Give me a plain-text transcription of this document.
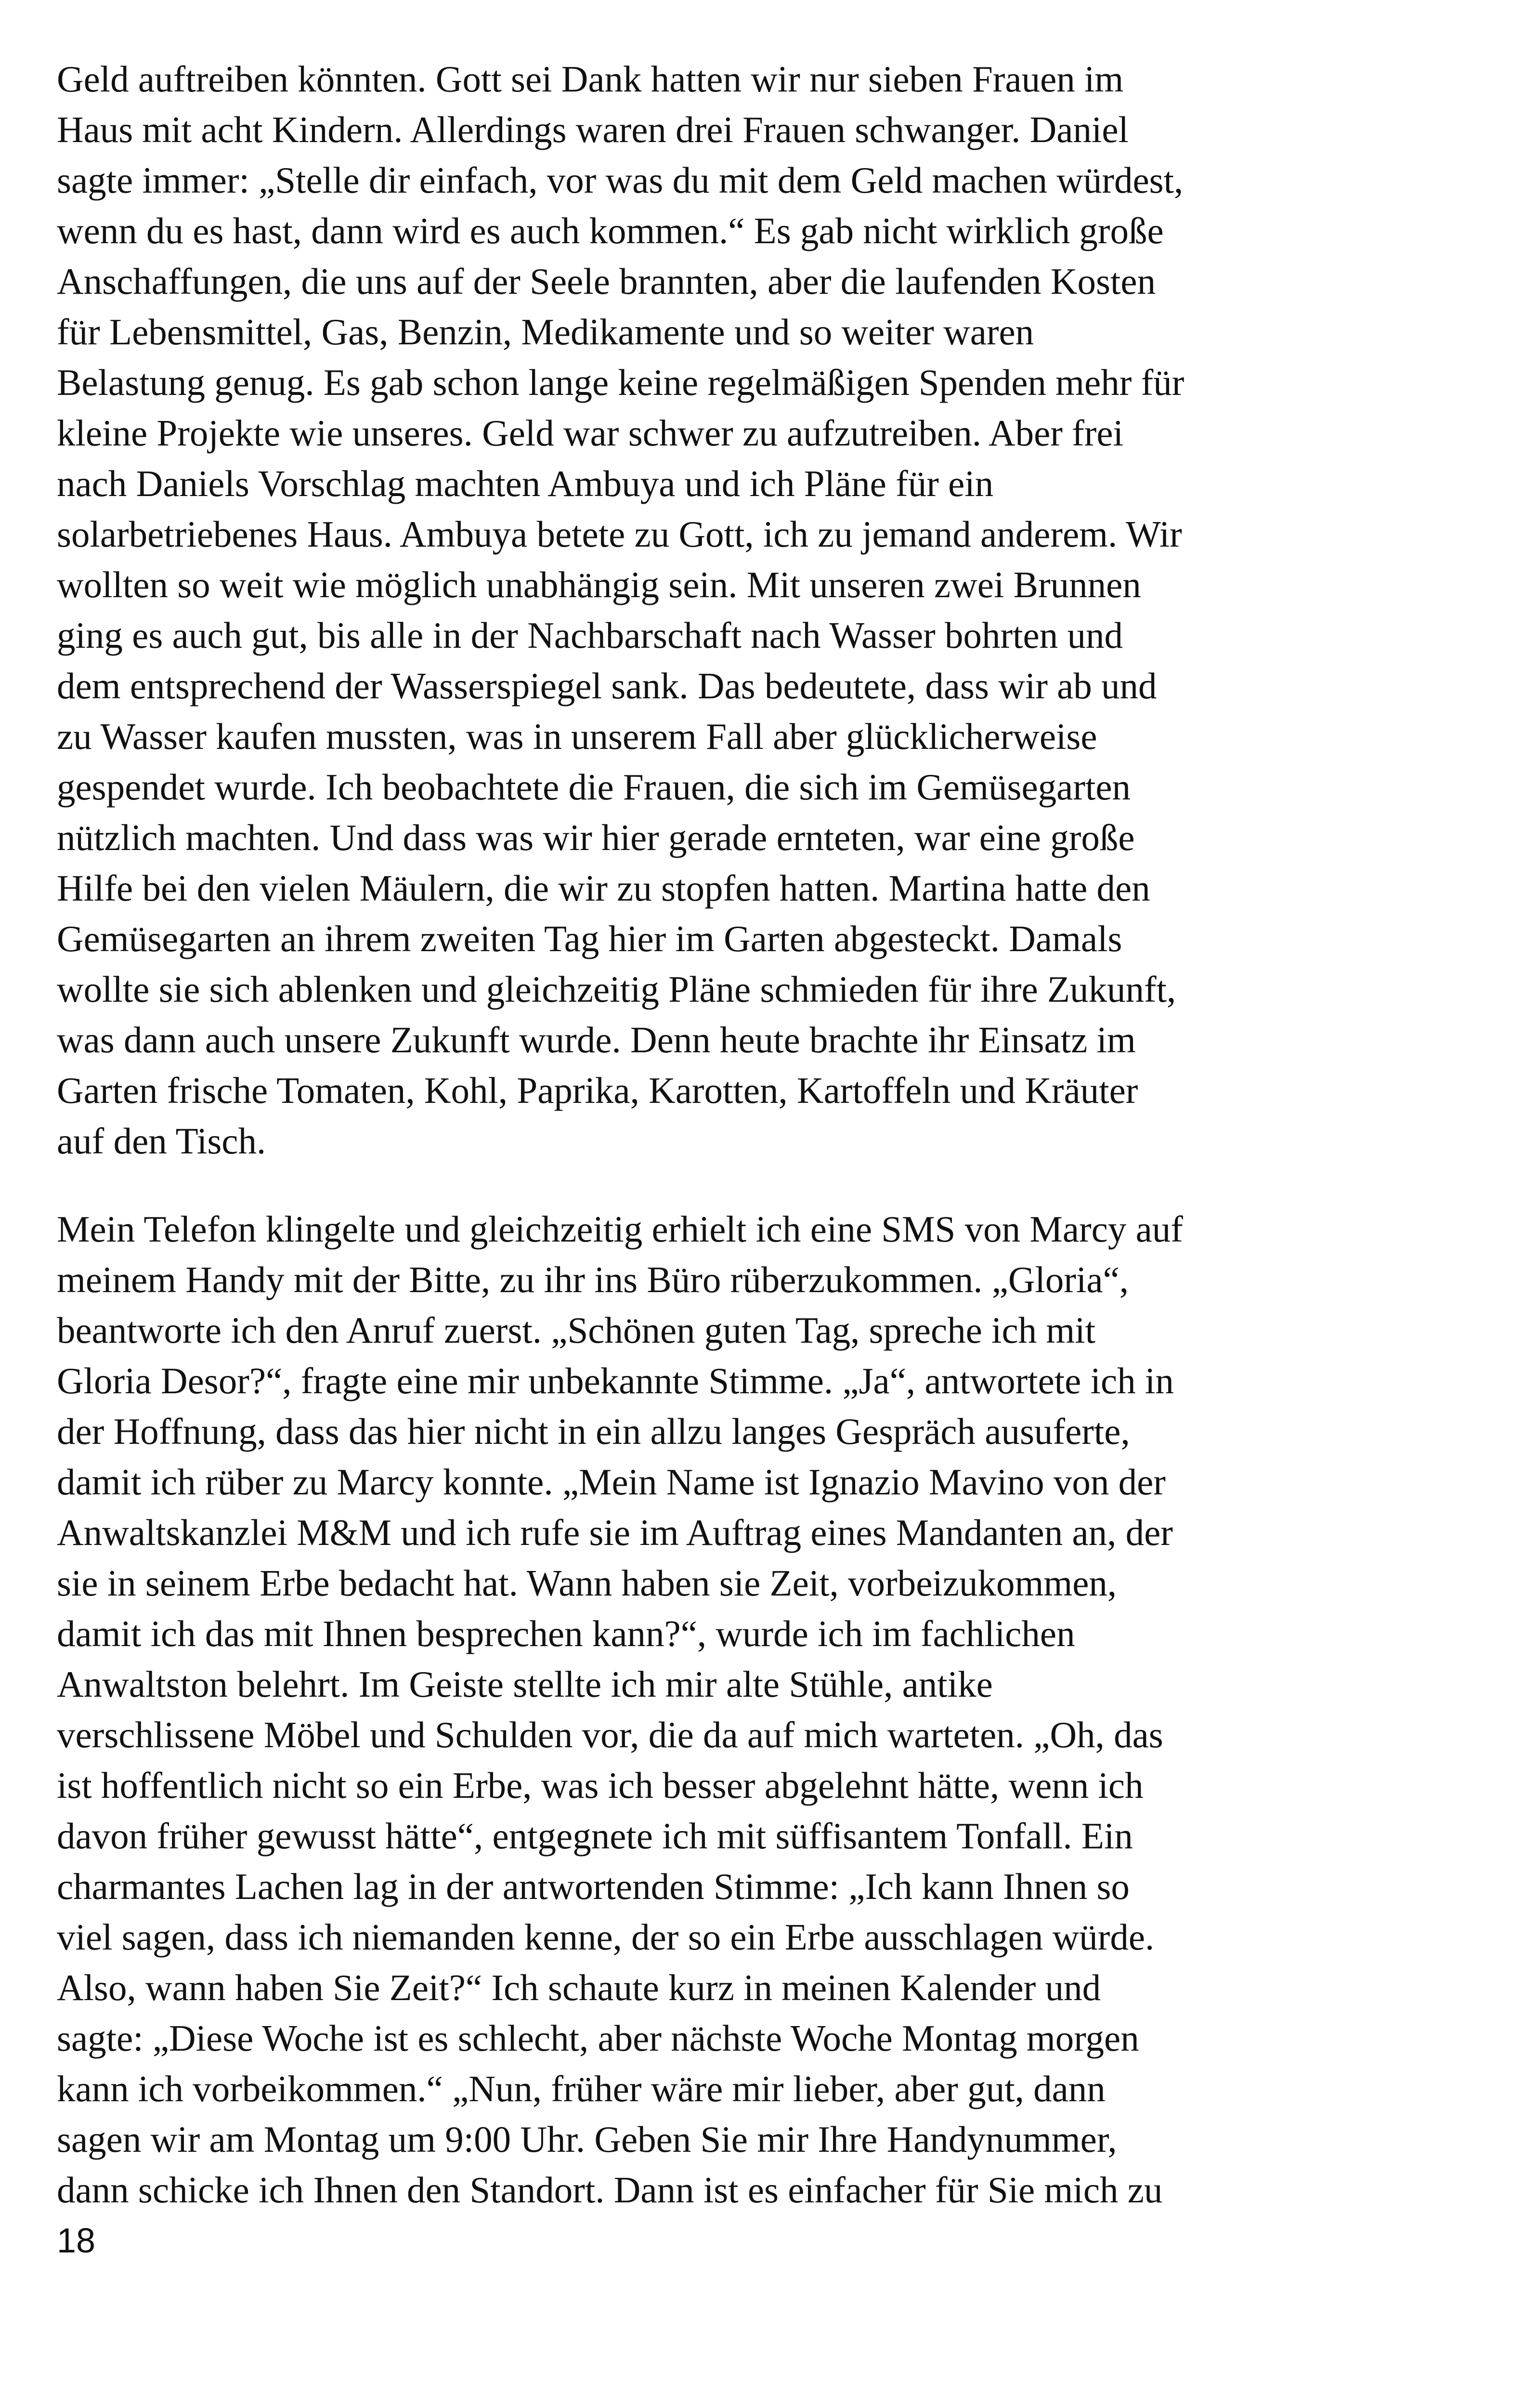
Geld auftreiben könnten. Gott sei Dank hatten wir nur sieben Frauen im
Haus mit acht Kindern. Allerdings waren drei Frauen schwanger. Daniel
sagte immer: „Stelle dir einfach, vor was du mit dem Geld machen würdest,
wenn du es hast, dann wird es auch kommen.“ Es gab nicht wirklich große
Anschaffungen, die uns auf der Seele brannten, aber die laufenden Kosten
für Lebensmittel, Gas, Benzin, Medikamente und so weiter waren
Belastung genug. Es gab schon lange keine regelmäßigen Spenden mehr für
kleine Projekte wie unseres. Geld war schwer zu aufzutreiben. Aber frei
nach Daniels Vorschlag machten Ambuya und ich Pläne für ein
solarbetriebenes Haus. Ambuya betete zu Gott, ich zu jemand anderem. Wir
wollten so weit wie möglich unabhängig sein. Mit unseren zwei Brunnen
ging es auch gut, bis alle in der Nachbarschaft nach Wasser bohrten und
dem entsprechend der Wasserspiegel sank. Das bedeutete, dass wir ab und
zu Wasser kaufen mussten, was in unserem Fall aber glücklicherweise
gespendet wurde. Ich beobachtete die Frauen, die sich im Gemüsegarten
nützlich machten. Und dass was wir hier gerade ernteten, war eine große
Hilfe bei den vielen Mäulern, die wir zu stopfen hatten. Martina hatte den
Gemüsegarten an ihrem zweiten Tag hier im Garten abgesteckt. Damals
wollte sie sich ablenken und gleichzeitig Pläne schmieden für ihre Zukunft,
was dann auch unsere Zukunft wurde. Denn heute brachte ihr Einsatz im
Garten frische Tomaten, Kohl, Paprika, Karotten, Kartoffeln und Kräuter
auf den Tisch.
Mein Telefon klingelte und gleichzeitig erhielt ich eine SMS von Marcy auf
meinem Handy mit der Bitte, zu ihr ins Büro rüberzukommen. „Gloria“,
beantworte ich den Anruf zuerst. „Schönen guten Tag, spreche ich mit
Gloria Desor?“, fragte eine mir unbekannte Stimme. „Ja“, antwortete ich in
der Hoffnung, dass das hier nicht in ein allzu langes Gespräch ausuferte,
damit ich rüber zu Marcy konnte. „Mein Name ist Ignazio Mavino von der
Anwaltskanzlei M&M und ich rufe sie im Auftrag eines Mandanten an, der
sie in seinem Erbe bedacht hat. Wann haben sie Zeit, vorbeizukommen,
damit ich das mit Ihnen besprechen kann?“, wurde ich im fachlichen
Anwaltston belehrt. Im Geiste stellte ich mir alte Stühle, antike
verschlissene Möbel und Schulden vor, die da auf mich warteten. „Oh, das
ist hoffentlich nicht so ein Erbe, was ich besser abgelehnt hätte, wenn ich
davon früher gewusst hätte“, entgegnete ich mit süffisantem Tonfall. Ein
charmantes Lachen lag in der antwortenden Stimme: „Ich kann Ihnen so
viel sagen, dass ich niemanden kenne, der so ein Erbe ausschlagen würde.
Also, wann haben Sie Zeit?“ Ich schaute kurz in meinen Kalender und
sagte: „Diese Woche ist es schlecht, aber nächste Woche Montag morgen
kann ich vorbeikommen.“ „Nun, früher wäre mir lieber, aber gut, dann
sagen wir am Montag um 9:00 Uhr. Geben Sie mir Ihre Handynummer,
dann schicke ich Ihnen den Standort. Dann ist es einfacher für Sie mich zu
18
